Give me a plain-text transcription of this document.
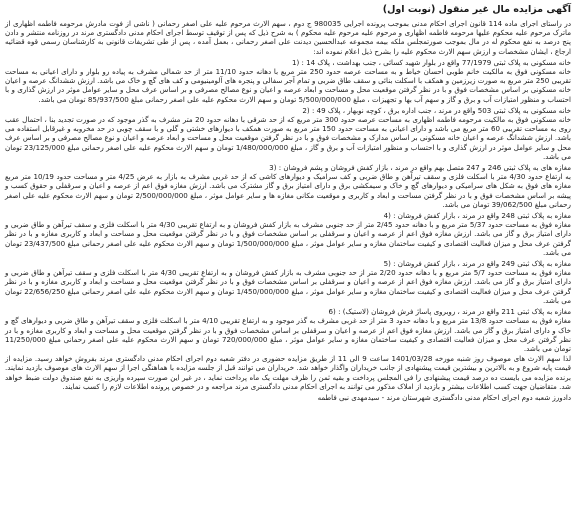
آگهی مزایده مال غیر منقول (نوبت اول)
در راستای اجرای ماده 114 قانون اجرای احکام مدنی بموجب پرونده اجرایی 980035 ج دوم ، سهم الارث مرحوم علیه علی اصغر رحمانی ( ناشی از فوت مادرش مرحومه فاطمه اظهاری از ماترک مرحوم علیه محکوم علیها مرحومه فاطمه اظهاری و مرحوم علیه مرحوم علیه محکوم ) به شرح ذیل که پس از توقیف توسط اجرای احکام مدنی دادگستری مرند در روزنامه منتشر و دادن پنج درصد به نفع محکوم له در مال بموجب صورتمجلس ملکه بیمه مجموعه عبدالحسین دیدنت علی اصغر رحمانی ، بعمل آمده ، پس از طی تشریفات قانونی به کارشناسان رسمی قوه قضائیه ارجاع ، ایشان مشخصات و ارزش سهم الارث محکوم علیه را بشرح ذیل اعلام نموده اند:
خانه مسکونی به پلاک ثبتی 77/1979 واقع در بلوار شهید کسائی ، جنب بهداشت ، پلاک 14 : (1
خانه مسکونی فوق به مالکیت خانم طوبی احسان خیاط و به مساحت عرصه حدود 250 متر مربع با دهانه حدود 11/10 متر از حد شمالی مشرف به پیاده رو بلوار و دارای اعیانی به مساحت تقریبی 250 متر مربع به صورت زیرزمین و همکف با اسکلت بنائی و سقف طاق ضربی و تمام آجر سفالی و پنجره های آلومینیومی و کف های گچ و خاک می باشد. ارزش ششدانگ عرصه و اعیان خانه مسکونی بر اساس مشخصات فوق و با در نظر گرفتن موقعیت محل و مساحت و ابعاد عرصه و اعیان و نوع مصالح مصرفی و بر اساس عرف محل و سایر عوامل موثر در ارزش گذاری و با احتساب و منظور امتیازات آب و برق و گاز و سهم آب بها و تجهیزات ، مبلغ 5/500/000/000 تومان و سهم الارث محکوم علیه علی اصغر رحمانی مبلغ 85/937/500 تومان می باشد.
خانه مسکونی به پلاک ثبتی 503 واقع در مرند ، جنب اداره برق ، کوچه نوبهار ، پلاک 49 : (2
خانه مسکونی فوق به مالکیت مرحومه فاطمه اظهاری به مساحت عرصه حدود 300 متر مربع که از حد شرقی با دهانه حدود 20 متر مشرف به گذر موجود که در صورت تجدید بنا ، احتمال عقب روی به مساحت تقریبی 60 متر مربع می باشد و دارای اعیانی به مساحت حدود 150 متر مربع به صورت همکف با دیوارهای خشتی و گلی و با سقف چوبی در حد مخروبه و غیرقابل استفاده می باشد. ارزش ششدانگ عرصه و اعیان خانه مسکونی بر اساس مدارک و مشخصات فوق و با در نظر گرفتن موقعیت محل و مساحت و ابعاد عرصه و اعیان و نوع مصالح مصرفی و بر اساس عرف محل و سایر عوامل موثر در ارزش گذاری و با احتساب و منظور امتیازات آب و برق و گاز ، مبلغ 1/480/000/000 تومان و سهم الارث محکوم علیه علی اصغر رحمانی مبلغ 23/125/000 تومان می باشد.
مغازه های به پلاک ثبتی 246 و 247 متصل بهم واقع در مرند ، بازار کفش فروشان و پشم فروشان : (3
به ارتفاع حدود 4/30 متر با اسکلت فلزی و سقف تیرآهن و طاق ضربی و کف سرامیک و دیوارهای کاشی که از حد غربی مشرف به بازار به عرض 4/25 متر و مساحت حدود 10/19 متر مربع مغازه های فوق به شکل های سرامیکی و دیوارهای گچ و خاک و سیمکشی برق و دارای امتیاز برق و گاز مشترک می باشد. ارزش مغازه فوق اعم از عرصه و اعیان و سرقفلی و حقوق کسب و پیشه بر اساس مشخصات فوق و با در نظر گرفتن مساحت و ابعاد و کاربری و موقعیت مکانی مغازه ها و سایر عوامل موثر ، مبلغ 2/500/000/000 تومان و سهم الارث محکوم علیه علی اصغر رحمانی مبلغ 39/062/500 تومان می باشد.
مغازه به پلاک ثبتی 248 واقع در مرند ، بازار کفش فروشان : (4
مغازه فوق به مساحت حدود 5/37 متر مربع و با دهانه حدود 2/45 متر از حد جنوبی مشرف به بازار کفش فروشان و به ارتفاع تقریبی 4/30 متر با اسکلت فلزی و سقف تیرآهن و طاق ضربی و دارای امتیاز برق و گاز می باشد. ارزش مغازه فوق اعم از عرصه و اعیان و سرقفلی بر اساس مشخصات فوق و با در نظر گرفتن موقعیت محل و مساحت و ابعاد و کاربری مغازه و با در نظر گرفتن عرف محل و میزان فعالیت اقتصادی و کیفیت ساختمان مغازه و سایر عوامل موثر ، مبلغ 1/500/000/000 تومان و سهم الارث محکوم علیه علی اصغر رحمانی مبلغ 23/437/500 تومان می باشد.
مغازه به پلاک ثبتی 249 واقع در مرند ، بازار کفش فروشان : (5
مغازه فوق به مساحت حدود 5/7 متر مربع و با دهانه حدود 2/20 متر از حد جنوبی مشرف به بازار کفش فروشان و به ارتفاع تقریبی 4/30 متر با اسکلت فلزی و سقف تیرآهن و طاق ضربی و دارای امتیاز برق و گاز می باشد. ارزش مغازه فوق اعم از عرصه و اعیان و سرقفلی بر اساس مشخصات فوق و با در نظر گرفتن موقعیت محل و مساحت و ابعاد و کاربری مغازه و با در نظر گرفتن عرف محل و میزان فعالیت اقتصادی و کیفیت ساختمان مغازه و سایر عوامل موثر ، مبلغ 1/450/000/000 تومان و سهم الارث محکوم علیه علی اصغر رحمانی مبلغ 22/656/250 تومان می باشد.
مغازه به پلاک ثبتی 211 واقع در مرند ، روبروی پاساژ فرش فروشان (لاستیک) : (6
مغازه فوق به مساحت حدود 13/8 متر مربع و با دهانه حدود 3 متر از حد غربی مشرف به گذر موجود و به ارتفاع تقریبی 4/10 متر با اسکلت فلزی و سقف تیرآهن و طاق ضربی و دیوارهای گچ و خاک و دارای امتیاز برق و گاز می باشد. ارزش مغازه فوق اعم از عرصه و اعیان و سرقفلی بر اساس مشخصات فوق و با در نظر گرفتن موقعیت محل و مساحت و ابعاد و کاربری مغازه و با در نظر گرفتن عرف محل و میزان فعالیت اقتصادی و کیفیت ساختمان مغازه و سایر عوامل موثر ، مبلغ 720/000/000 تومان و سهم الارث محکوم علیه علی اصغر رحمانی مبلغ 11/250/000 تومان می باشد.
لذا سهم الارث های موصوف روز شنبه مورخه 1401/03/28 ساعت 9 الی 11 از طریق مزایده حضوری در دفتر شعبه دوم اجرای احکام مدنی دادگستری مرند بفروش خواهد رسید. مزایده از قیمت پایه شروع و به بالاترین و بیشترین قیمت پیشنهادی از جانب خریداران واگذار خواهد شد. خریداران می توانند قبل از جلسه مزایده با هماهنگی اجرا از سهم الارث های موصوف بازدید نمایند. برنده مزایده می بایست ده درصد قیمت پیشنهادی را فی المجلس پرداخت و بقیه ثمن را ظرف مهلت یک ماه پرداخت نماید ، در غیر این صورت سپرده واریزی به نفع صندوق دولت ضبط خواهد شد. متقاضیان جهت کسب اطلاعات بیشتر و بازدید از املاک مذکور می توانند به اجرای احکام مدنی دادگستری مرند مراجعه و در خصوص پرونده اطلاعات لازم را کسب نمایند.
دادورز شعبه دوم اجرای احکام مدنی دادگستری شهرستان مرند - سیدمهدی نبی فاطمه
